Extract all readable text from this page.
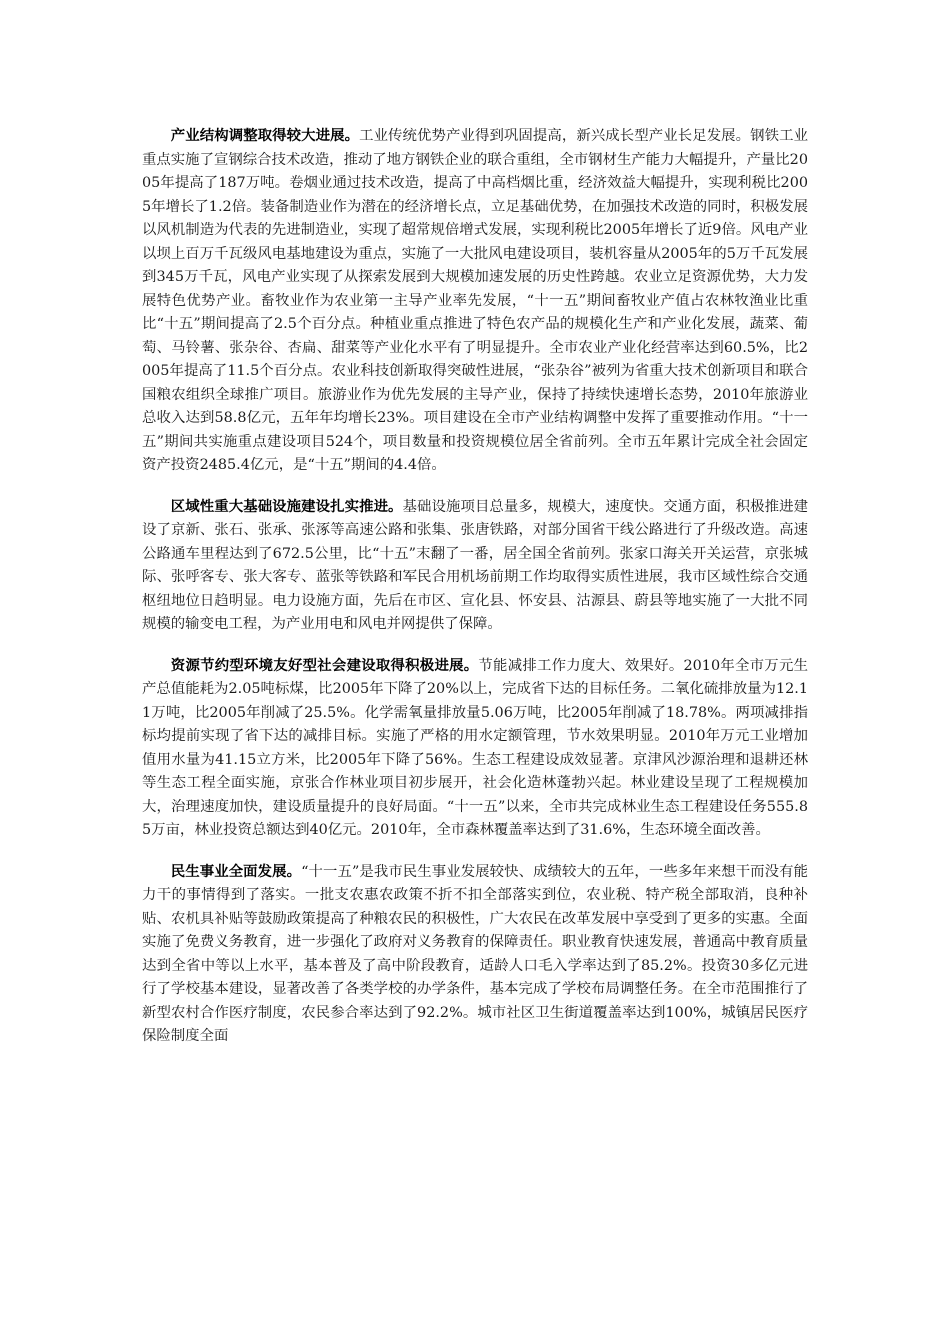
产业结构调整取得较大进展。工业传统优势产业得到巩固提高，新兴成长型产业长足发展。钢铁工业重点实施了宣钢综合技术改造，推动了地方钢铁企业的联合重组，全市钢材生产能力大幅提升，产量比2005年提高了187万吨。卷烟业通过技术改造，提高了中高档烟比重，经济效益大幅提升，实现利税比2005年增长了1.2倍。装备制造业作为潜在的经济增长点，立足基础优势，在加强技术改造的同时，积极发展以风机制造为代表的先进制造业，实现了超常规倍增式发展，实现利税比2005年增长了近9倍。风电产业以坝上百万千瓦级风电基地建设为重点，实施了一大批风电建设项目，装机容量从2005年的5万千瓦发展到345万千瓦，风电产业实现了从探索发展到大规模加速发展的历史性跨越。农业立足资源优势，大力发展特色优势产业。畜牧业作为农业第一主导产业率先发展，“十一五”期间畜牧业产值占农林牧渔业比重比“十五”期间提高了2.5个百分点。种植业重点推进了特色农产品的规模化生产和产业化发展，蔬菜、葡萄、马铃薯、张杂谷、杏扁、甜菜等产业化水平有了明显提升。全市农业产业化经营率达到60.5%，比2005年提高了11.5个百分点。农业科技创新取得突破性进展，“张杂谷”被列为省重大技术创新项目和联合国粮农组织全球推广项目。旅游业作为优先发展的主导产业，保持了持续快速增长态势，2010年旅游业总收入达到58.8亿元，五年年均增长23%。项目建设在全市产业结构调整中发挥了重要推动作用。“十一五”期间共实施重点建设项目524个，项目数量和投资规模位居全省前列。全市五年累计完成全社会固定资产投资2485.4亿元，是“十五”期间的4.4倍。

区域性重大基础设施建设扎实推进。基础设施项目总量多，规模大，速度快。交通方面，积极推进建设了京新、张石、张承、张涿等高速公路和张集、张唐铁路，对部分国省干线公路进行了升级改造。高速公路通车里程达到了672.5公里，比“十五”末翻了一番，居全国全省前列。张家口海关开关运营，京张城际、张呼客专、张大客专、蓝张等铁路和军民合用机场前期工作均取得实质性进展，我市区域性综合交通枢纽地位日趋明显。电力设施方面，先后在市区、宣化县、怀安县、沽源县、蔚县等地实施了一大批不同规模的输变电工程，为产业用电和风电并网提供了保障。

资源节约型环境友好型社会建设取得积极进展。节能减排工作力度大、效果好。2010年全市万元生产总值能耗为2.05吨标煤，比2005年下降了20%以上，完成省下达的目标任务。二氧化硫排放量为12.11万吨，比2005年削减了25.5%。化学需氧量排放量5.06万吨，比2005年削减了18.78%。两项减排指标均提前实现了省下达的减排目标。实施了严格的用水定额管理，节水效果明显。2010年万元工业增加值用水量为41.15立方米，比2005年下降了56%。生态工程建设成效显著。京津风沙源治理和退耕还林等生态工程全面实施，京张合作林业项目初步展开，社会化造林蓬勃兴起。林业建设呈现了工程规模加大，治理速度加快，建设质量提升的良好局面。“十一五”以来，全市共完成林业生态工程建设任务555.85万亩，林业投资总额达到40亿元。2010年，全市森林覆盖率达到了31.6%，生态环境全面改善。

民生事业全面发展。“十一五”是我市民生事业发展较快、成绩较大的五年，一些多年来想干而没有能力干的事情得到了落实。一批支农惠农政策不折不扣全部落实到位，农业税、特产税全部取消，良种补贴、农机具补贴等鼓励政策提高了种粮农民的积极性，广大农民在改革发展中享受到了更多的实惠。全面实施了免费义务教育，进一步强化了政府对义务教育的保障责任。职业教育快速发展，普通高中教育质量达到全省中等以上水平，基本普及了高中阶段教育，适龄人口毛入学率达到了85.2%。投资30多亿元进行了学校基本建设，显著改善了各类学校的办学条件，基本完成了学校布局调整任务。在全市范围推行了新型农村合作医疗制度，农民参合率达到了92.2%。城市社区卫生街道覆盖率达到100%，城镇居民医疗保险制度全面
